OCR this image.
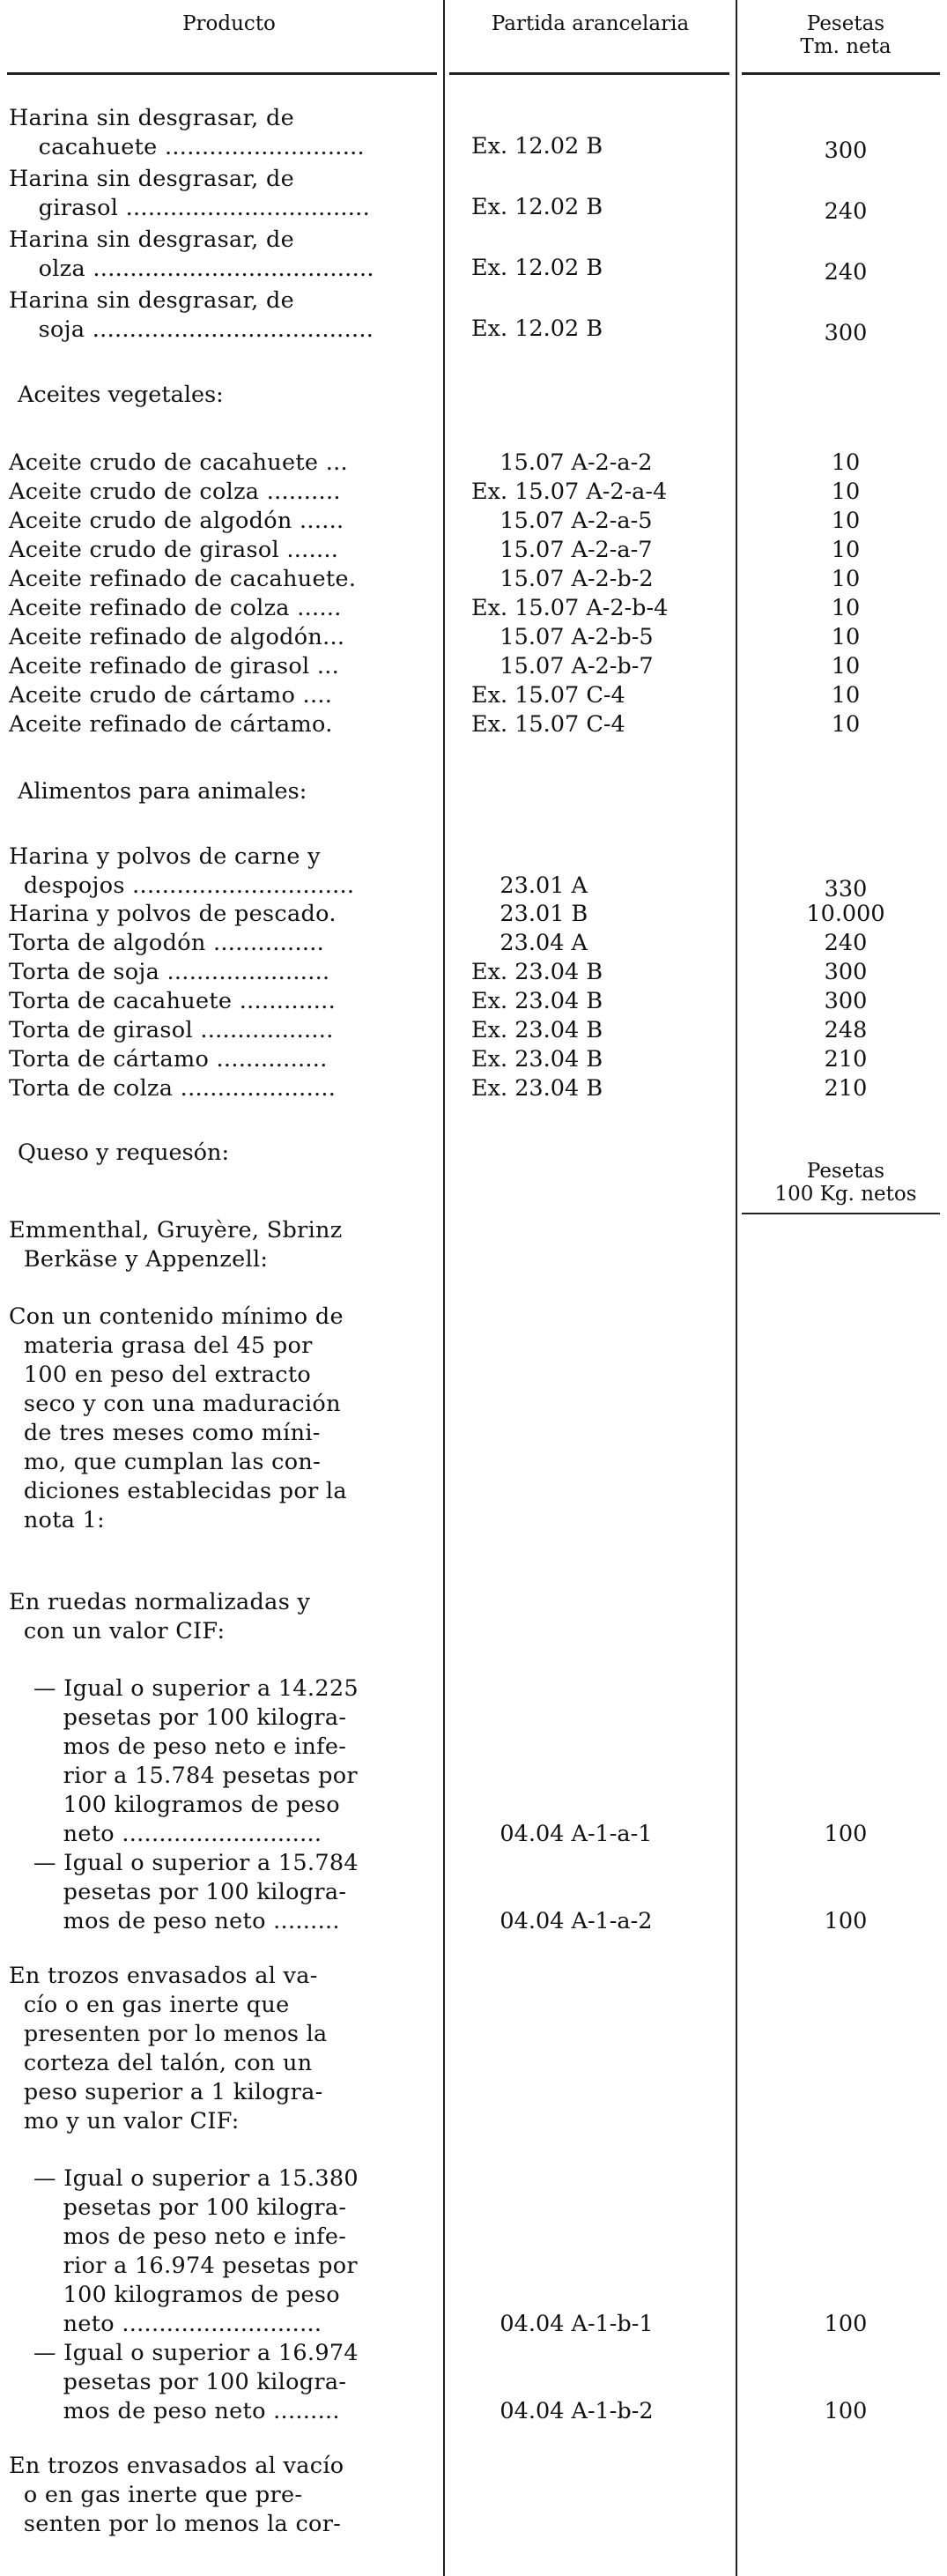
Producto	Partida arancelaria	Pesetas
Tm. neta
Harina sin desgrasar, de
cacahuete ...........................	Ex. 12.02 B	300
Harina sin desgrasar, de
girasol .................................	Ex. 12.02 B	240
Harina sin desgrasar, de
olza ......................................	Ex. 12.02 B	240
Harina sin desgrasar, de
soja ......................................	Ex. 12.02 B	300
Aceites vegetales:
Aceite crudo de cacahuete ...	15.07 A-2-a-2	10
Aceite crudo de colza ..........	Ex. 15.07 A-2-a-4	10
Aceite crudo de algodón ......	15.07 A-2-a-5	10
Aceite crudo de girasol .......	15.07 A-2-a-7	10
Aceite refinado de cacahuete.	15.07 A-2-b-2	10
Aceite refinado de colza ......	Ex. 15.07 A-2-b-4	10
Aceite refinado de algodón...	15.07 A-2-b-5	10
Aceite refinado de girasol ...	15.07 A-2-b-7	10
Aceite crudo de cártamo ....	Ex. 15.07 C-4	10
Aceite refinado de cártamo.	Ex. 15.07 C-4	10
Alimentos para animales:
Harina y polvos de carne y
despojos ..............................	23.01 A	330
Harina y polvos de pescado.	23.01 B	10.000
Torta de algodón ...............	23.04 A	240
Torta de soja ......................	Ex. 23.04 B	300
Torta de cacahuete .............	Ex. 23.04 B	300
Torta de girasol ..................	Ex. 23.04 B	248
Torta de cártamo ...............	Ex. 23.04 B	210
Torta de colza .....................	Ex. 23.04 B	210
Queso y requesón:
Pesetas
100 Kg. netos
Emmenthal, Gruyère, Sbrinz
Berkäse y Appenzell:
Con un contenido mínimo de
materia grasa del 45 por
100 en peso del extracto
seco y con una maduración
de tres meses como míni-
mo, que cumplan las con-
diciones establecidas por la
nota 1:
En ruedas normalizadas y
con un valor CIF:
— Igual o superior a 14.225
pesetas por 100 kilogra-
mos de peso neto e infe-
rior a 15.784 pesetas por
100 kilogramos de peso
neto ...........................	04.04 A-1-a-1	100
— Igual o superior a 15.784
pesetas por 100 kilogra-
mos de peso neto .........	04.04 A-1-a-2	100
En trozos envasados al va-
cío o en gas inerte que
presenten por lo menos la
corteza del talón, con un
peso superior a 1 kilogra-
mo y un valor CIF:
— Igual o superior a 15.380
pesetas por 100 kilogra-
mos de peso neto e infe-
rior a 16.974 pesetas por
100 kilogramos de peso
neto ...........................	04.04 A-1-b-1	100
— Igual o superior a 16.974
pesetas por 100 kilogra-
mos de peso neto .........	04.04 A-1-b-2	100
En trozos envasados al vacío
o en gas inerte que pre-
senten por lo menos la cor-
